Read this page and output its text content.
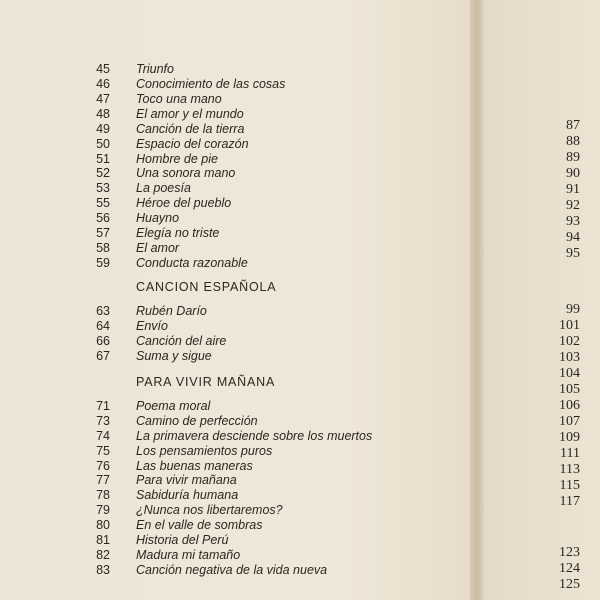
45 Triunfo
46 Conocimiento de las cosas
47 Toco una mano
48 El amor y el mundo
49 Canción de la tierra
50 Espacio del corazón
51 Hombre de pie
52 Una sonora mano
53 La poesía
55 Héroe del pueblo
56 Huayno
57 Elegía no triste
58 El amor
59 Conducta razonable
CANCION ESPAÑOLA
63 Rubén Darío
64 Envío
66 Canción del aire
67 Suma y sigue
PARA VIVIR MAÑANA
71 Poema moral
73 Camino de perfección
74 La primavera desciende sobre los muertos
75 Los pensamientos puros
76 Las buenas maneras
77 Para vivir mañana
78 Sabiduría humana
79 ¿Nunca nos libertaremos?
80 En el valle de sombras
81 Historia del Perú
82 Madura mi tamaño
83 Canción negativa de la vida nueva
87
88
89
90
91
92
93
94
95
99
101
102
103
104
105
106
107
109
111
113
115
117
123
124
125
